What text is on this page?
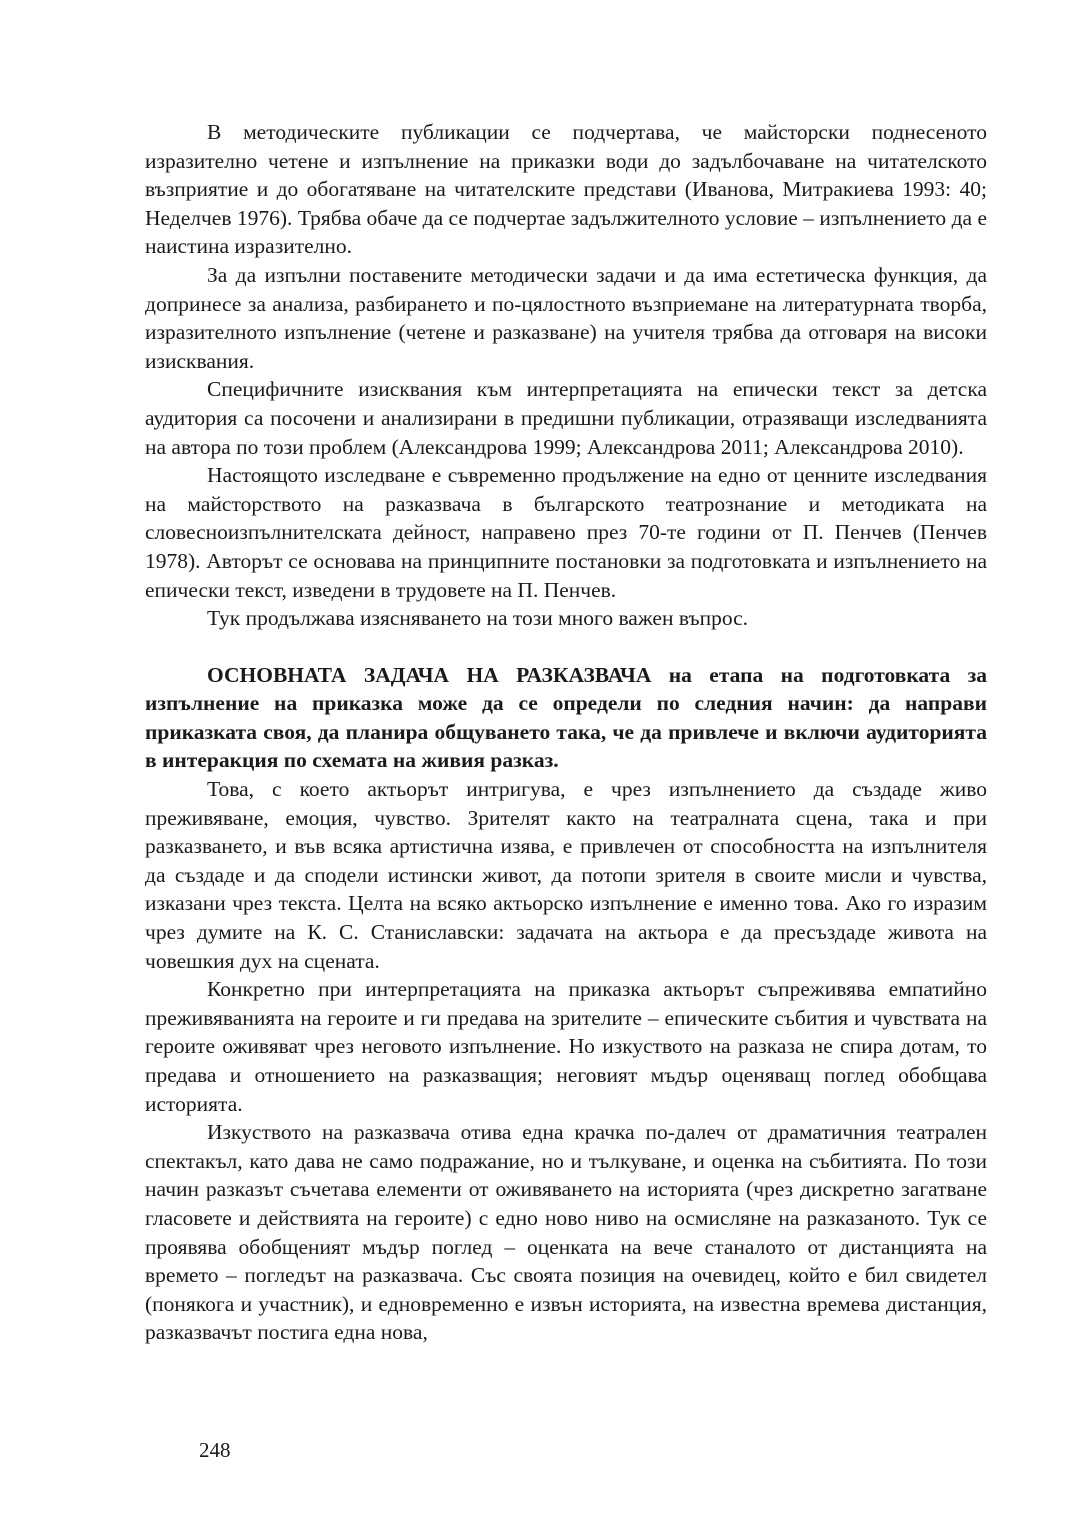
В методическите публикации се подчертава, че майсторски поднесеното изразително четене и изпълнение на приказки води до задълбочаване на читателското възприятие и до обогатяване на читателските представи (Иванова, Митракиева 1993: 40; Неделчев 1976). Трябва обаче да се подчертае задължителното условие – изпълнението да е наистина изразително.

За да изпълни поставените методически задачи и да има естетическа функция, да допринесе за анализа, разбирането и по-цялостното възприемане на литературната творба, изразителното изпълнение (четене и разказване) на учителя трябва да отговаря на високи изисквания.

Специфичните изисквания към интерпретацията на епически текст за детска аудитория са посочени и анализирани в предишни публикации, отразяващи изследванията на автора по този проблем (Александрова 1999; Александрова 2011; Александрова 2010).

Настоящото изследване е съвременно продължение на едно от ценните изследвания на майсторството на разказвача в българското театрознание и методиката на словесноизпълнителската дейност, направено през 70-те години от П. Пенчев (Пенчев 1978). Авторът се основава на принципните постановки за подготовката и изпълнението на епически текст, изведени в трудовете на П. Пенчев.

Тук продължава изясняването на този много важен въпрос.

ОСНОВНАТА ЗАДАЧА НА РАЗКАЗВАЧА на етапа на подготовката за изпълнение на приказка може да се определи по следния начин: да направи приказката своя, да планира общуването така, че да привлече и включи аудиторията в интеракция по схемата на живия разказ.

Това, с което актьорът интригува, е чрез изпълнението да създаде живо преживяване, емоция, чувство. Зрителят както на театралната сцена, така и при разказването, и във всяка артистична изява, е привлечен от способността на изпълнителя да създаде и да сподели истински живот, да потопи зрителя в своите мисли и чувства, изказани чрез текста. Целта на всяко актьорско изпълнение е именно това. Ако го изразим чрез думите на К. С. Станиславски: задачата на актьора е да пресъздаде живота на човешкия дух на сцената.

Конкретно при интерпретацията на приказка актьорът съпреживява емпатийно преживяванията на героите и ги предава на зрителите – епическите събития и чувствата на героите оживяват чрез неговото изпълнение. Но изкуството на разказа не спира дотам, то предава и отношението на разказващия; неговият мъдър оценяващ поглед обобщава историята.

Изкуството на разказвача отива една крачка по-далеч от драматичния театрален спектакъл, като дава не само подражание, но и тълкуване, и оценка на събитията. По този начин разказът съчетава елементи от оживяването на историята (чрез дискретно загатване гласовете и действията на героите) с едно ново ниво на осмисляне на разказаното. Тук се проявява обобщеният мъдър поглед – оценката на вече станалото от дистанцията на времето – погледът на разказвача. Със своята позиция на очевидец, който е бил свидетел (понякога и участник), и едновременно е извън историята, на известна времева дистанция, разказвачът постига една нова,

248
